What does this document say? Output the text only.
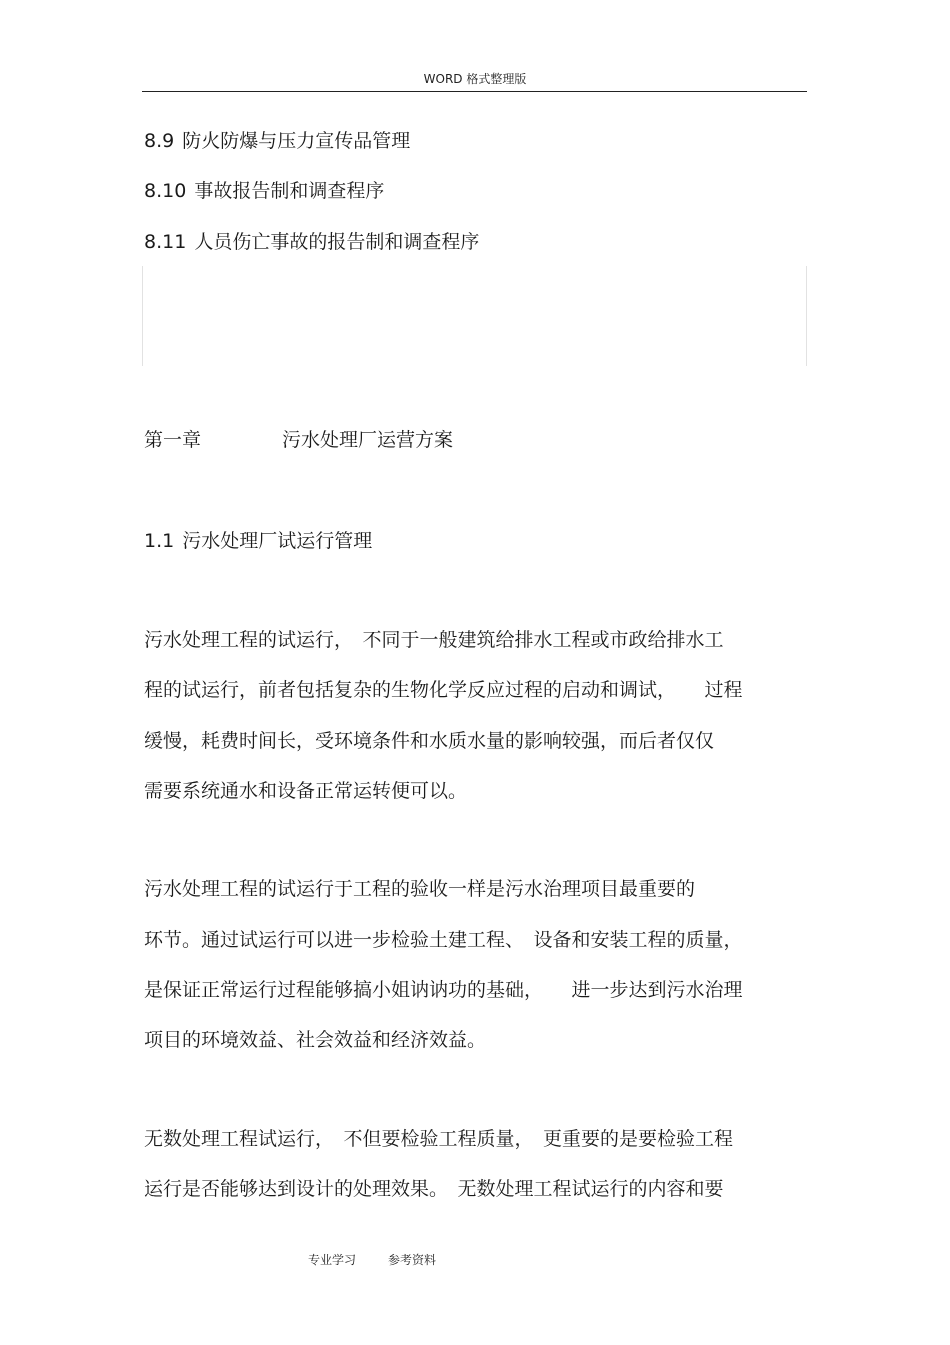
WORD 格式整理版
8.9 防火防爆与压力宣传品管理
8.10 事故报告制和调查程序
8.11 人员伤亡事故的报告制和调查程序
第一章	污水处理厂运营方案
1.1 污水处理厂试运行管理
污水处理工程的试运行，　不同于一般建筑给排水工程或市政给排水工
程的试运行，前者包括复杂的生物化学反应过程的启动和调试，　　过程
缓慢，耗费时间长，受环境条件和水质水量的影响较强，而后者仅仅
需要系统通水和设备正常运转便可以。
污水处理工程的试运行于工程的验收一样是污水治理项目最重要的
环节。通过试运行可以进一步检验土建工程、　设备和安装工程的质量，
是保证正常运行过程能够搞小姐讷讷功的基础，　　进一步达到污水治理
项目的环境效益、社会效益和经济效益。
无数处理工程试运行，　不但要检验工程质量，　更重要的是要检验工程
运行是否能够达到设计的处理效果。　无数处理工程试运行的内容和要
专业学习	参考资料
